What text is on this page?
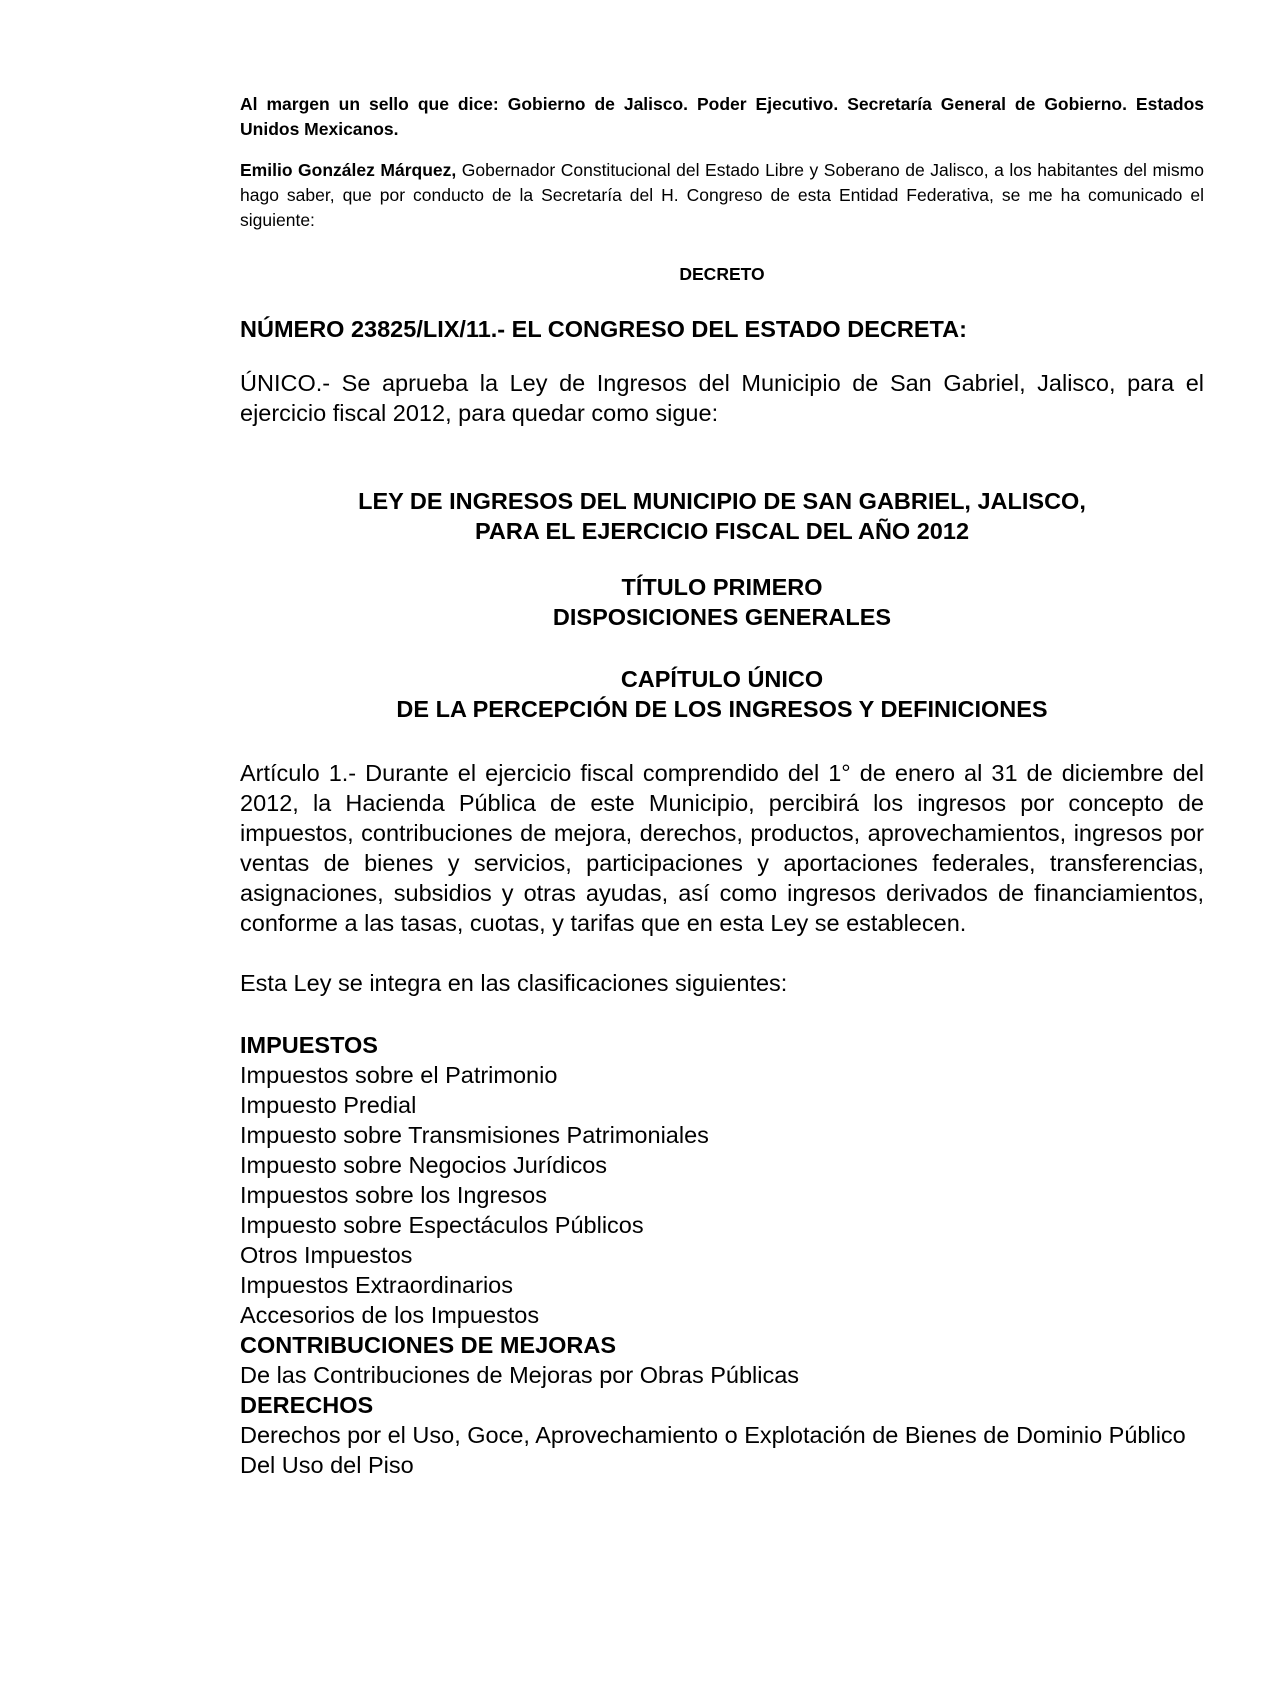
Al margen un sello que dice: Gobierno de Jalisco. Poder Ejecutivo. Secretaría General de Gobierno. Estados Unidos Mexicanos.

Emilio González Márquez, Gobernador Constitucional del Estado Libre y Soberano de Jalisco, a los habitantes del mismo hago saber, que por conducto de la Secretaría del H. Congreso de esta Entidad Federativa, se me ha comunicado el siguiente:

DECRETO
NÚMERO 23825/LIX/11.- EL CONGRESO DEL ESTADO DECRETA:

ÚNICO.- Se aprueba la Ley de Ingresos del Municipio de San Gabriel, Jalisco, para el ejercicio fiscal 2012, para quedar como sigue:

LEY DE INGRESOS DEL MUNICIPIO DE SAN GABRIEL, JALISCO,
PARA EL EJERCICIO FISCAL DEL AÑO 2012
TÍTULO PRIMERO
DISPOSICIONES GENERALES
CAPÍTULO ÚNICO
DE LA PERCEPCIÓN DE LOS INGRESOS Y DEFINICIONES

Artículo 1.- Durante el ejercicio fiscal comprendido del 1° de enero al 31 de diciembre del 2012, la Hacienda Pública de este Municipio, percibirá los ingresos por concepto de impuestos, contribuciones de mejora, derechos, productos, aprovechamientos, ingresos por ventas de bienes y servicios, participaciones y aportaciones federales, transferencias, asignaciones, subsidios y otras ayudas, así como ingresos derivados de financiamientos, conforme a las tasas, cuotas, y tarifas que en esta Ley se establecen.

Esta Ley se integra en las clasificaciones siguientes:

IMPUESTOS
Impuestos sobre el Patrimonio
Impuesto Predial
Impuesto sobre Transmisiones Patrimoniales
Impuesto sobre Negocios Jurídicos
Impuestos sobre los Ingresos
Impuesto sobre Espectáculos Públicos
Otros Impuestos
Impuestos Extraordinarios
Accesorios de los Impuestos
CONTRIBUCIONES DE MEJORAS
De las Contribuciones de Mejoras por Obras Públicas
DERECHOS
Derechos por el Uso, Goce, Aprovechamiento o Explotación de Bienes de Dominio Público
Del Uso del Piso
